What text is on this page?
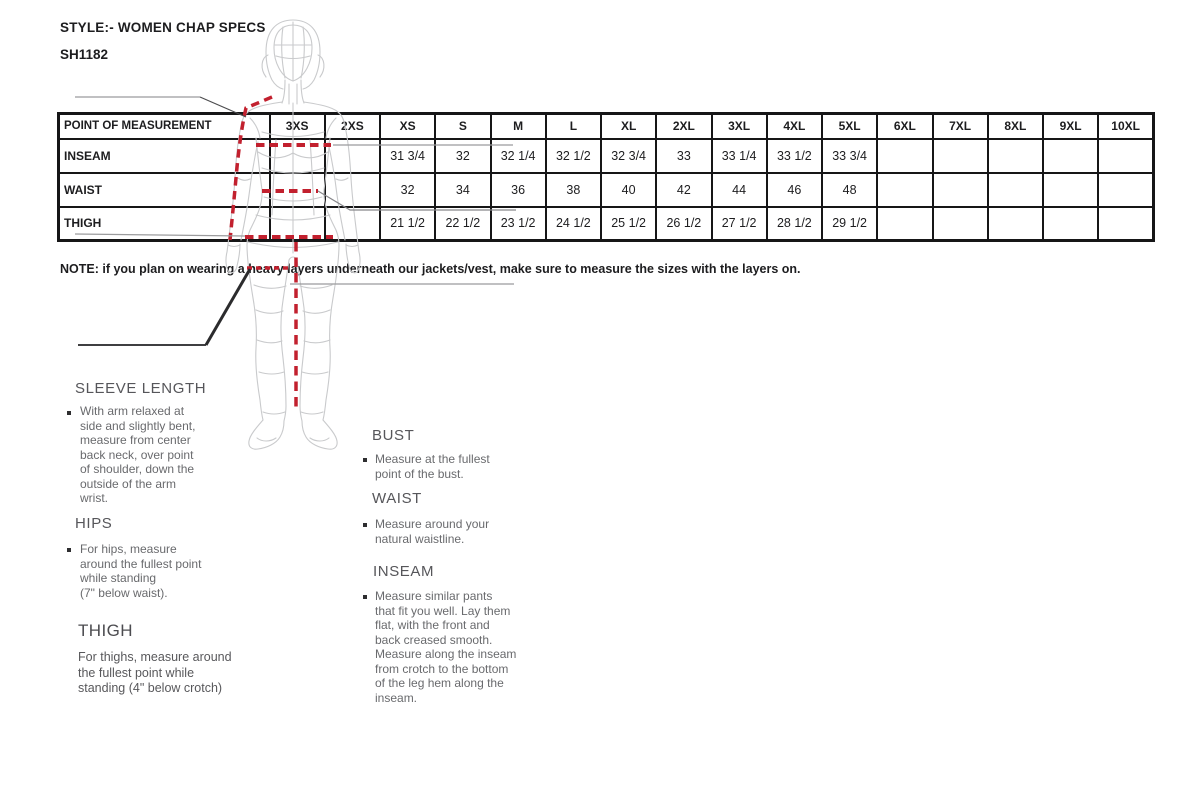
STYLE:- WOMEN CHAP SPECS
SH1182
POINT OF MEASUREMENT	3XS	2XS	XS	S	M	L	XL	2XL	3XL	4XL	5XL	6XL	7XL	8XL	9XL	10XL
INSEAM			31 3/4	32	32 1/4	32 1/2	32 3/4	33	33 1/4	33 1/2	33 3/4					
WAIST			32	34	36	38	40	42	44	46	48					
THIGH			21 1/2	22 1/2	23 1/2	24 1/2	25 1/2	26 1/2	27 1/2	28 1/2	29 1/2					
NOTE: if you plan on wearing a heavy layers underneath our jackets/vest, make sure to measure the sizes with the layers on.
SLEEVE LENGTH
With arm relaxed at
side and slightly bent,
measure from center
back neck, over point
of shoulder, down the
outside of the arm
wrist.
HIPS
For hips, measure
around the fullest point
while standing
(7" below waist).
THIGH
For thighs, measure around
the fullest point while
standing (4" below crotch)
BUST
Measure at the fullest
point of the bust.
WAIST
Measure around your
natural waistline.
INSEAM
Measure similar pants
that fit you well. Lay them
flat, with the front and
back creased smooth.
Measure along the inseam
from crotch to the bottom
of the leg hem along the
inseam.
